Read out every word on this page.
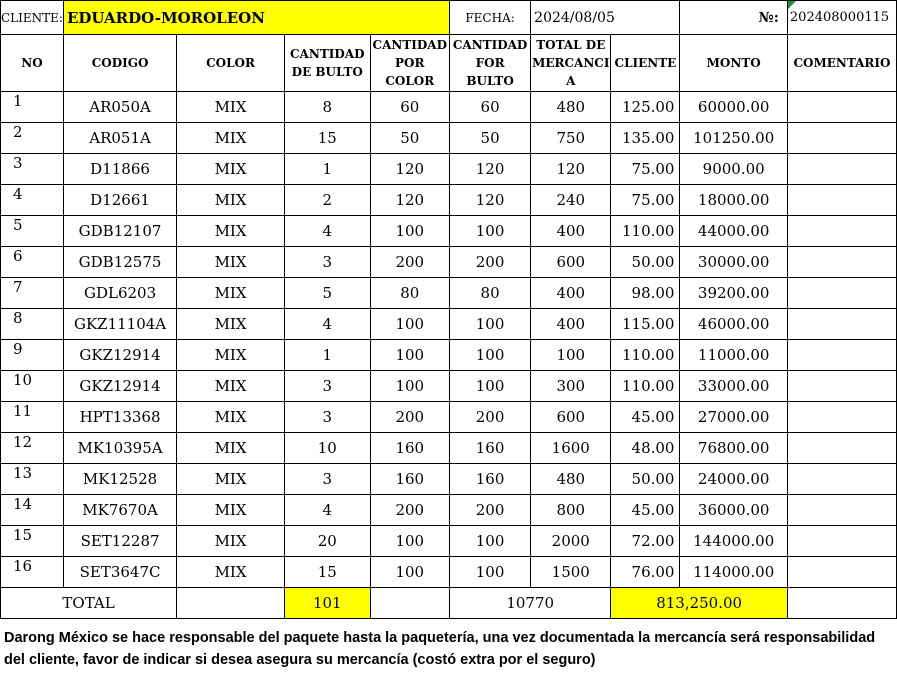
CLIENTE:	EDUARDO-MOROLEON				FECHA:	2024/08/05		№:	202408000115
NO	CODIGO	COLOR	CANTIDAD DE BULTO	CANTIDAD POR COLOR	CANTIDAD FOR BULTO	TOTAL DE MERCANCIA	CLIENTE	MONTO	COMENTARIO
1	AR050A	MIX	8	60	60	480	125.00	60000.00	
2	AR051A	MIX	15	50	50	750	135.00	101250.00	
3	D11866	MIX	1	120	120	120	75.00	9000.00	
4	D12661	MIX	2	120	120	240	75.00	18000.00	
5	GDB12107	MIX	4	100	100	400	110.00	44000.00	
6	GDB12575	MIX	3	200	200	600	50.00	30000.00	
7	GDL6203	MIX	5	80	80	400	98.00	39200.00	
8	GKZ11104A	MIX	4	100	100	400	115.00	46000.00	
9	GKZ12914	MIX	1	100	100	100	110.00	11000.00	
10	GKZ12914	MIX	3	100	100	300	110.00	33000.00	
11	HPT13368	MIX	3	200	200	600	45.00	27000.00	
12	MK10395A	MIX	10	160	160	1600	48.00	76800.00	
13	MK12528	MIX	3	160	160	480	50.00	24000.00	
14	MK7670A	MIX	4	200	200	800	45.00	36000.00	
15	SET12287	MIX	20	100	100	2000	72.00	144000.00	
16	SET3647C	MIX	15	100	100	1500	76.00	114000.00	
TOTAL			101		10770		813,250.00		
Darong México se hace responsable del paquete hasta la paquetería, una vez documentada la mercancía será responsabilidad del cliente, favor de indicar si desea asegura su mercancía (costó extra por el seguro)
